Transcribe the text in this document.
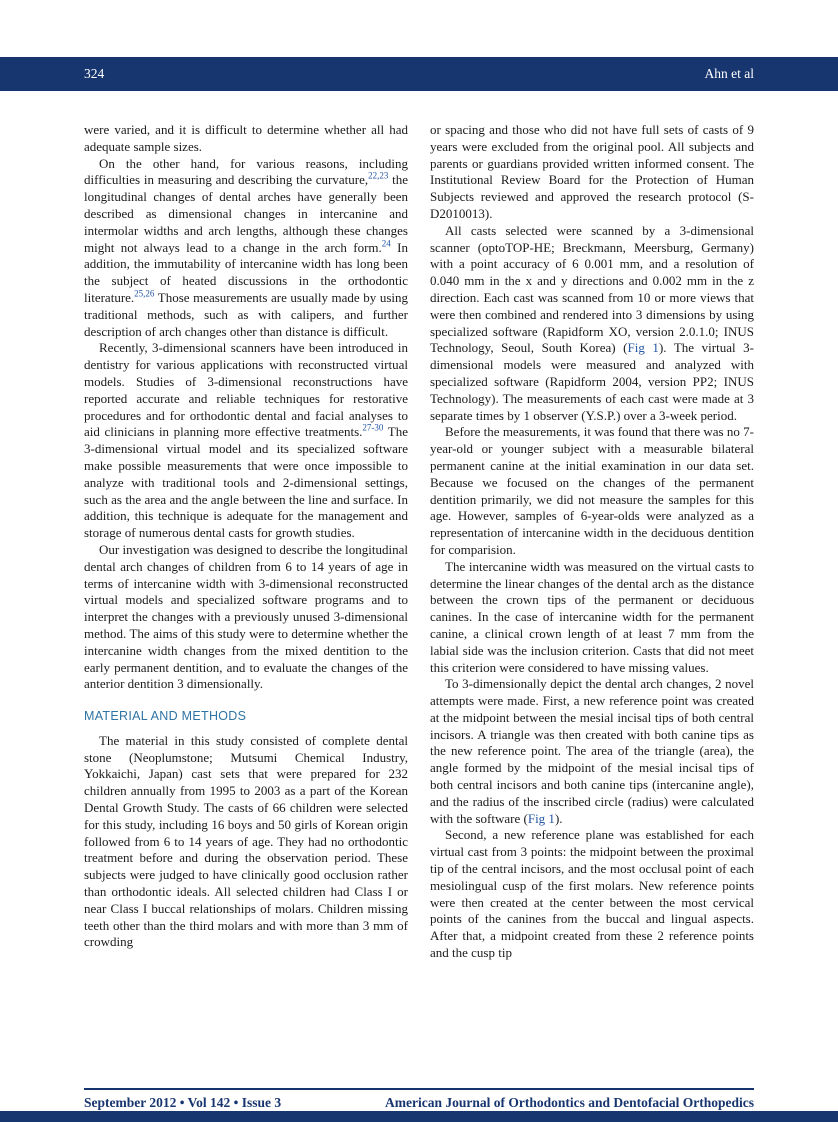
324	Ahn et al

were varied, and it is difficult to determine whether all had adequate sample sizes.

On the other hand, for various reasons, including difficulties in measuring and describing the curvature,$^{22,23}$ the longitudinal changes of dental arches have generally been described as dimensional changes in intercanine and intermolar widths and arch lengths, although these changes might not always lead to a change in the arch form.$^{24}$ In addition, the immutability of intercanine width has long been the subject of heated discussions in the orthodontic literature.$^{25,26}$ Those measurements are usually made by using traditional methods, such as with calipers, and further description of arch changes other than distance is difficult.

Recently, 3-dimensional scanners have been introduced in dentistry for various applications with reconstructed virtual models. Studies of 3-dimensional reconstructions have reported accurate and reliable techniques for restorative procedures and for orthodontic dental and facial analyses to aid clinicians in planning more effective treatments.$^{27-30}$ The 3-dimensional virtual model and its specialized software make possible measurements that were once impossible to analyze with traditional tools and 2-dimensional settings, such as the area and the angle between the line and surface. In addition, this technique is adequate for the management and storage of numerous dental casts for growth studies.

Our investigation was designed to describe the longitudinal dental arch changes of children from 6 to 14 years of age in terms of intercanine width with 3-dimensional reconstructed virtual models and specialized software programs and to interpret the changes with a previously unused 3-dimensional method. The aims of this study were to determine whether the intercanine width changes from the mixed dentition to the early permanent dentition, and to evaluate the changes of the anterior dentition 3 dimensionally.

MATERIAL AND METHODS

The material in this study consisted of complete dental stone (Neoplumstone; Mutsumi Chemical Industry, Yokkaichi, Japan) cast sets that were prepared for 232 children annually from 1995 to 2003 as a part of the Korean Dental Growth Study. The casts of 66 children were selected for this study, including 16 boys and 50 girls of Korean origin followed from 6 to 14 years of age. They had no orthodontic treatment before and during the observation period. These subjects were judged to have clinically good occlusion rather than orthodontic ideals. All selected children had Class I or near Class I buccal relationships of molars. Children missing teeth other than the third molars and with more than 3 mm of crowding

or spacing and those who did not have full sets of casts of 9 years were excluded from the original pool. All subjects and parents or guardians provided written informed consent. The Institutional Review Board for the Protection of Human Subjects reviewed and approved the research protocol (S-D2010013).

All casts selected were scanned by a 3-dimensional scanner (optoTOP-HE; Breckmann, Meersburg, Germany) with a point accuracy of 6 0.001 mm, and a resolution of 0.040 mm in the x and y directions and 0.002 mm in the z direction. Each cast was scanned from 10 or more views that were then combined and rendered into 3 dimensions by using specialized software (Rapidform XO, version 2.0.1.0; INUS Technology, Seoul, South Korea) (Fig 1). The virtual 3-dimensional models were measured and analyzed with specialized software (Rapidform 2004, version PP2; INUS Technology). The measurements of each cast were made at 3 separate times by 1 observer (Y.S.P.) over a 3-week period.

Before the measurements, it was found that there was no 7-year-old or younger subject with a measurable bilateral permanent canine at the initial examination in our data set. Because we focused on the changes of the permanent dentition primarily, we did not measure the samples for this age. However, samples of 6-year-olds were analyzed as a representation of intercanine width in the deciduous dentition for comparision.

The intercanine width was measured on the virtual casts to determine the linear changes of the dental arch as the distance between the crown tips of the permanent or deciduous canines. In the case of intercanine width for the permanent canine, a clinical crown length of at least 7 mm from the labial side was the inclusion criterion. Casts that did not meet this criterion were considered to have missing values.

To 3-dimensionally depict the dental arch changes, 2 novel attempts were made. First, a new reference point was created at the midpoint between the mesial incisal tips of both central incisors. A triangle was then created with both canine tips as the new reference point. The area of the triangle (area), the angle formed by the midpoint of the mesial incisal tips of both central incisors and both canine tips (intercanine angle), and the radius of the inscribed circle (radius) were calculated with the software (Fig 1).

Second, a new reference plane was established for each virtual cast from 3 points: the midpoint between the proximal tip of the central incisors, and the most occlusal point of each mesiolingual cusp of the first molars. New reference points were then created at the center between the most cervical points of the canines from the buccal and lingual aspects. After that, a midpoint created from these 2 reference points and the cusp tip

September 2012 • Vol 142 • Issue 3	American Journal of Orthodontics and Dentofacial Orthopedics
